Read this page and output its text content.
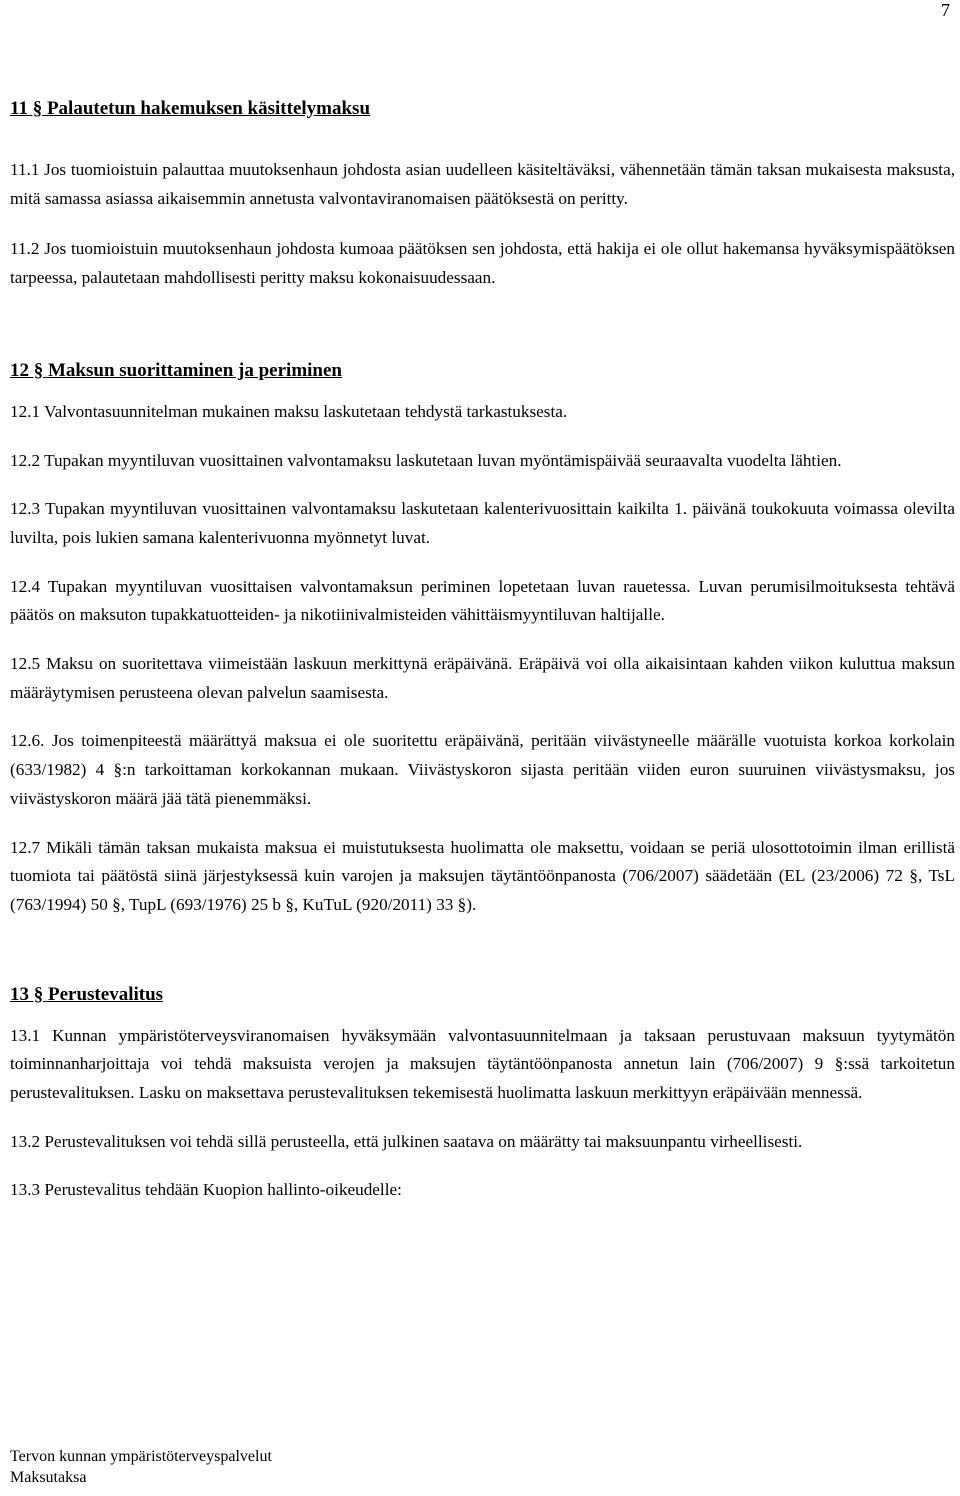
7
11 § Palautetun hakemuksen käsittelymaksu

11.1 Jos tuomioistuin palauttaa muutoksenhaun johdosta asian uudelleen käsiteltäväksi, vähennetään tämän taksan mukaisesta maksusta, mitä samassa asiassa aikaisemmin annetusta valvontaviranomaisen päätöksestä on peritty.

11.2 Jos tuomioistuin muutoksenhaun johdosta kumoaa päätöksen sen johdosta, että hakija ei ole ollut hakemansa hyväksymispäätöksen tarpeessa, palautetaan mahdollisesti peritty maksu kokonaisuudessaan.

12 § Maksun suorittaminen ja periminen

12.1 Valvontasuunnitelman mukainen maksu laskutetaan tehdystä tarkastuksesta.

12.2 Tupakan myyntiluvan vuosittainen valvontamaksu laskutetaan luvan myöntämispäivää seuraavalta vuodelta lähtien.

12.3 Tupakan myyntiluvan vuosittainen valvontamaksu laskutetaan kalenterivuosittain kaikilta 1. päivänä toukokuuta voimassa olevilta luvilta, pois lukien samana kalenterivuonna myönnetyt luvat.

12.4 Tupakan myyntiluvan vuosittaisen valvontamaksun periminen lopetetaan luvan rauetessa. Luvan perumisilmoituksesta tehtävä päätös on maksuton tupakkatuotteiden- ja nikotiinivalmisteiden vähittäismyyntiluvan haltijalle.

12.5 Maksu on suoritettava viimeistään laskuun merkittynä eräpäivänä. Eräpäivä voi olla aikaisintaan kahden viikon kuluttua maksun määräytymisen perusteena olevan palvelun saamisesta.

12.6. Jos toimenpiteestä määrättyä maksua ei ole suoritettu eräpäivänä, peritään viivästyneelle määrälle vuotuista korkoa korkolain (633/1982) 4 §:n tarkoittaman korkokannan mukaan. Viivästyskoron sijasta peritään viiden euron suuruinen viivästysmaksu, jos viivästyskoron määrä jää tätä pienemmäksi.

12.7 Mikäli tämän taksan mukaista maksua ei muistutuksesta huolimatta ole maksettu, voidaan se periä ulosottotoimin ilman erillistä tuomiota tai päätöstä siinä järjestyksessä kuin varojen ja maksujen täytäntöönpanosta (706/2007) säädetään (EL (23/2006) 72 §, TsL (763/1994) 50 §, TupL (693/1976) 25 b §, KuTuL (920/2011) 33 §).

13 § Perustevalitus

13.1 Kunnan ympäristöterveysviranomaisen hyväksymään valvontasuunnitelmaan ja taksaan perustuvaan maksuun tyytymätön toiminnanharjoittaja voi tehdä maksuista verojen ja maksujen täytäntöönpanosta annetun lain (706/2007) 9 §:ssä tarkoitetun perustevalituksen. Lasku on maksettava perustevalituksen tekemisestä huolimatta laskuun merkittyyn eräpäivään mennessä.

13.2 Perustevalituksen voi tehdä sillä perusteella, että julkinen saatava on määrätty tai maksuunpantu virheellisesti.

13.3 Perustevalitus tehdään Kuopion hallinto-oikeudelle:

Tervon kunnan ympäristöterveyspalvelut
Maksutaksa
